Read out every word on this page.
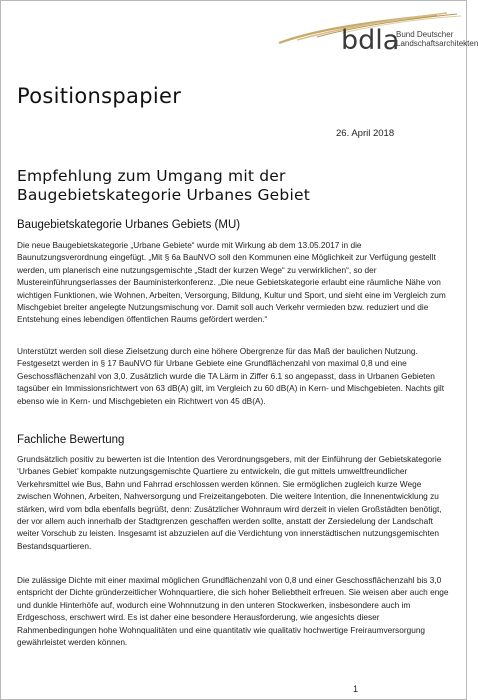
bdla
Bund Deutscher
Landschaftsarchitekten
Positionspapier
26. April 2018
Empfehlung zum Umgang mit der
Baugebietskategorie Urbanes Gebiet
Baugebietskategorie Urbanes Gebiets (MU)

Die neue Baugebietskategorie „Urbane Gebiete“ wurde mit Wirkung ab dem 13.05.2017 in die Baunutzungsverordnung eingefügt. „Mit § 6a BauNVO soll den Kommunen eine Möglichkeit zur Verfügung gestellt werden, um planerisch eine nutzungsgemischte „Stadt der kurzen Wege“ zu verwirklichen“, so der Mustereinführungserlasses der Bauministerkonferenz. „Die neue Gebietskategorie erlaubt eine räumliche Nähe von wichtigen Funktionen, wie Wohnen, Arbeiten, Versorgung, Bildung, Kultur und Sport, und sieht eine im Vergleich zum Mischgebiet breiter angelegte Nutzungsmischung vor. Damit soll auch Verkehr vermieden bzw. reduziert und die Entstehung eines lebendigen öffentlichen Raums gefördert werden.“

Unterstützt werden soll diese Zielsetzung durch eine höhere Obergrenze für das Maß der baulichen Nutzung. Festgesetzt werden in § 17 BauNVO für Urbane Gebiete eine Grundflächenzahl von maximal 0,8 und eine Geschossflächenzahl von 3,0. Zusätzlich wurde die TA Lärm in Ziffer 6.1 so angepasst, dass in Urbanen Gebieten tagsüber ein Immissionsrichtwert von 63 dB(A) gilt, im Vergleich zu 60 dB(A) in Kern- und Mischgebieten. Nachts gilt ebenso wie in Kern- und Mischgebieten ein Richtwert von 45 dB(A).

Fachliche Bewertung

Grundsätzlich positiv zu bewerten ist die Intention des Verordnungsgebers, mit der Einführung der Gebietskategorie ‘Urbanes Gebiet’ kompakte nutzungsgemischte Quartiere zu entwickeln, die gut mittels umweltfreundlicher Verkehrsmittel wie Bus, Bahn und Fahrrad erschlossen werden können. Sie ermöglichen zugleich kurze Wege zwischen Wohnen, Arbeiten, Nahversorgung und Freizeitangeboten. Die weitere Intention, die Innenentwicklung zu stärken, wird vom bdla ebenfalls begrüßt, denn: Zusätzlicher Wohnraum wird derzeit in vielen Großstädten benötigt, der vor allem auch innerhalb der Stadtgrenzen geschaffen werden sollte, anstatt der Zersiedelung der Landschaft weiter Vorschub zu leisten. Insgesamt ist abzuzielen auf die Verdichtung von innerstädtischen nutzungsgemischten Bestandsquartieren.

Die zulässige Dichte mit einer maximal möglichen Grundflächenzahl von 0,8 und einer Geschossflächenzahl bis 3,0 entspricht der Dichte gründerzeitlicher Wohnquartiere, die sich hoher Beliebtheit erfreuen. Sie weisen aber auch enge und dunkle Hinterhöfe auf, wodurch eine Wohnnutzung in den unteren Stockwerken, insbesondere auch im Erdgeschoss, erschwert wird. Es ist daher eine besondere Herausforderung, wie angesichts dieser Rahmenbedingungen hohe Wohnqualitäten und eine quantitativ wie qualitativ hochwertige Freiraumversorgung gewährleistet werden können.

1
